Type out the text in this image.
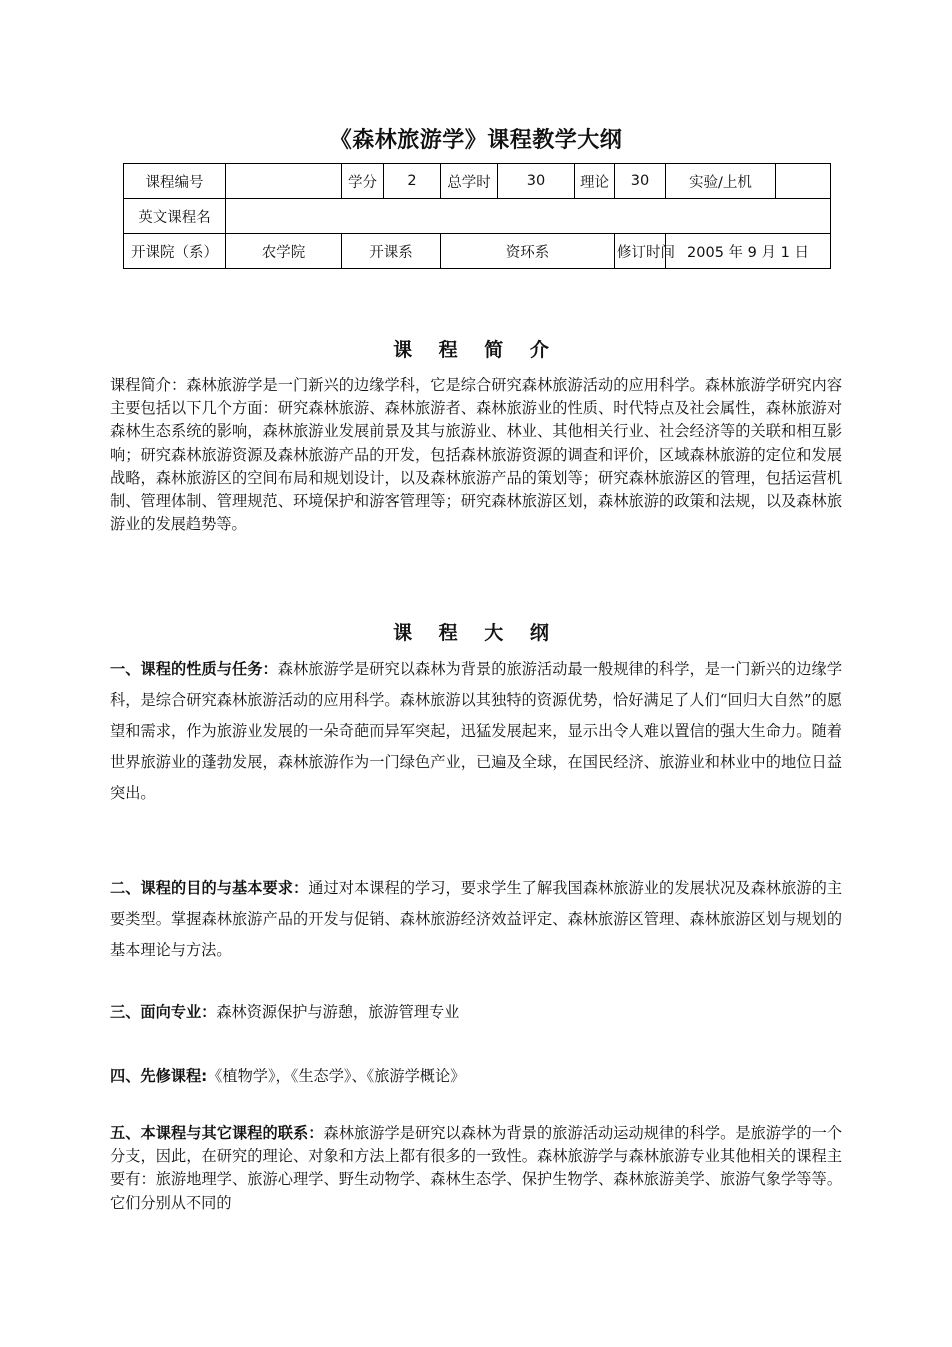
《森林旅游学》课程教学大纲
课程编号		学分	2	总学时	30	理论	30	实验/上机	
英文课程名									
开课院（系）	农学院	开课系		资环系			修订时间	2005 年 9 月 1 日	
课 程 简 介

课程简介：森林旅游学是一门新兴的边缘学科，它是综合研究森林旅游活动的应用科学。森林旅游学研究内容主要包括以下几个方面：研究森林旅游、森林旅游者、森林旅游业的性质、时代特点及社会属性，森林旅游对森林生态系统的影响，森林旅游业发展前景及其与旅游业、林业、其他相关行业、社会经济等的关联和相互影响；研究森林旅游资源及森林旅游产品的开发，包括森林旅游资源的调查和评价，区域森林旅游的定位和发展战略，森林旅游区的空间布局和规划设计，以及森林旅游产品的策划等；研究森林旅游区的管理，包括运营机制、管理体制、管理规范、环境保护和游客管理等；研究森林旅游区划，森林旅游的政策和法规，以及森林旅游业的发展趋势等。

课 程 大 纲

一、课程的性质与任务：森林旅游学是研究以森林为背景的旅游活动最一般规律的科学，是一门新兴的边缘学科，是综合研究森林旅游活动的应用科学。森林旅游以其独特的资源优势，恰好满足了人们“回归大自然”的愿望和需求，作为旅游业发展的一朵奇葩而异军突起，迅猛发展起来，显示出令人难以置信的强大生命力。随着世界旅游业的蓬勃发展，森林旅游作为一门绿色产业，已遍及全球，在国民经济、旅游业和林业中的地位日益突出。

二、课程的目的与基本要求：通过对本课程的学习，要求学生了解我国森林旅游业的发展状况及森林旅游的主要类型。掌握森林旅游产品的开发与促销、森林旅游经济效益评定、森林旅游区管理、森林旅游区划与规划的基本理论与方法。

三、面向专业：森林资源保护与游憩，旅游管理专业

四、先修课程:《植物学》，《生态学》、《旅游学概论》

五、本课程与其它课程的联系：森林旅游学是研究以森林为背景的旅游活动运动规律的科学。是旅游学的一个分支，因此，在研究的理论、对象和方法上都有很多的一致性。森林旅游学与森林旅游专业其他相关的课程主要有：旅游地理学、旅游心理学、野生动物学、森林生态学、保护生物学、森林旅游美学、旅游气象学等等。它们分别从不同的
